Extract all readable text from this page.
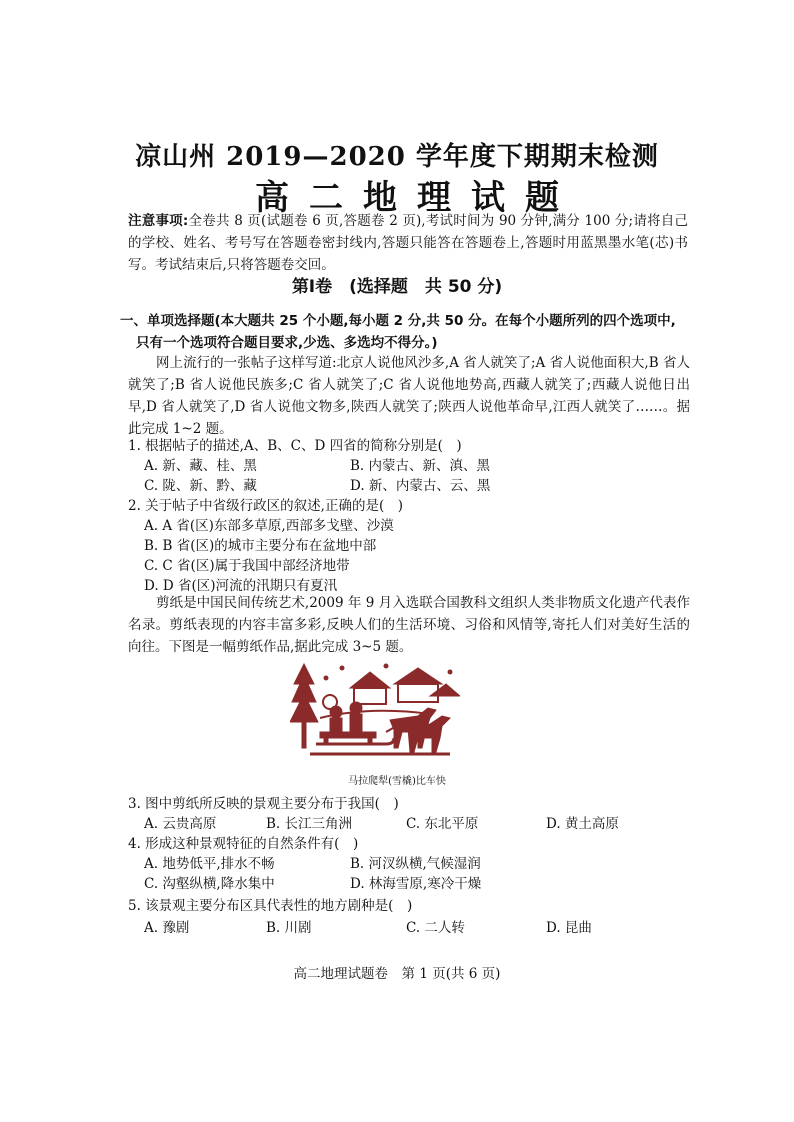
凉山州 2019—2020 学年度下期期末检测
高二地理试题
注意事项:全卷共 8 页(试题卷 6 页,答题卷 2 页),考试时间为 90 分钟,满分 100 分;请将自己的学校、姓名、考号写在答题卷密封线内,答题只能答在答题卷上,答题时用蓝黑墨水笔(芯)书写。考试结束后,只将答题卷交回。
第Ⅰ卷　(选择题　共 50 分)
一、单项选择题(本大题共 25 个小题,每小题 2 分,共 50 分。在每个小题所列的四个选项中,
只有一个选项符合题目要求,少选、多选均不得分。)
网上流行的一张帖子这样写道:北京人说他风沙多,A 省人就笑了;A 省人说他面积大,B 省人就笑了;B 省人说他民族多;C 省人就笑了;C 省人说他地势高,西藏人就笑了;西藏人说他日出早,D 省人就笑了,D 省人说他文物多,陕西人就笑了;陕西人说他革命早,江西人就笑了……。据此完成 1~2 题。
1. 根据帖子的描述,A、B、C、D 四省的简称分别是(　)
A. 新、藏、桂、黑	B. 内蒙古、新、滇、黑
C. 陇、新、黔、藏	D. 新、内蒙古、云、黑
2. 关于帖子中省级行政区的叙述,正确的是(　)
A. A 省(区)东部多草原,西部多戈壁、沙漠
B. B 省(区)的城市主要分布在盆地中部
C. C 省(区)属于我国中部经济地带
D. D 省(区)河流的汛期只有夏汛
剪纸是中国民间传统艺术,2009 年 9 月入选联合国教科文组织人类非物质文化遗产代表作名录。剪纸表现的内容丰富多彩,反映人们的生活环境、习俗和风情等,寄托人们对美好生活的向往。下图是一幅剪纸作品,据此完成 3~5 题。
马拉爬犁(雪橇)比车快
3. 图中剪纸所反映的景观主要分布于我国(　)
A. 云贵高原	B. 长江三角洲	C. 东北平原	D. 黄土高原
4. 形成这种景观特征的自然条件有(　)
A. 地势低平,排水不畅	B. 河汊纵横,气候湿润
C. 沟壑纵横,降水集中	D. 林海雪原,寒冷干燥
5. 该景观主要分布区具代表性的地方剧种是(　)
A. 豫剧	B. 川剧	C. 二人转	D. 昆曲
高二地理试题卷　第 1 页(共 6 页)
